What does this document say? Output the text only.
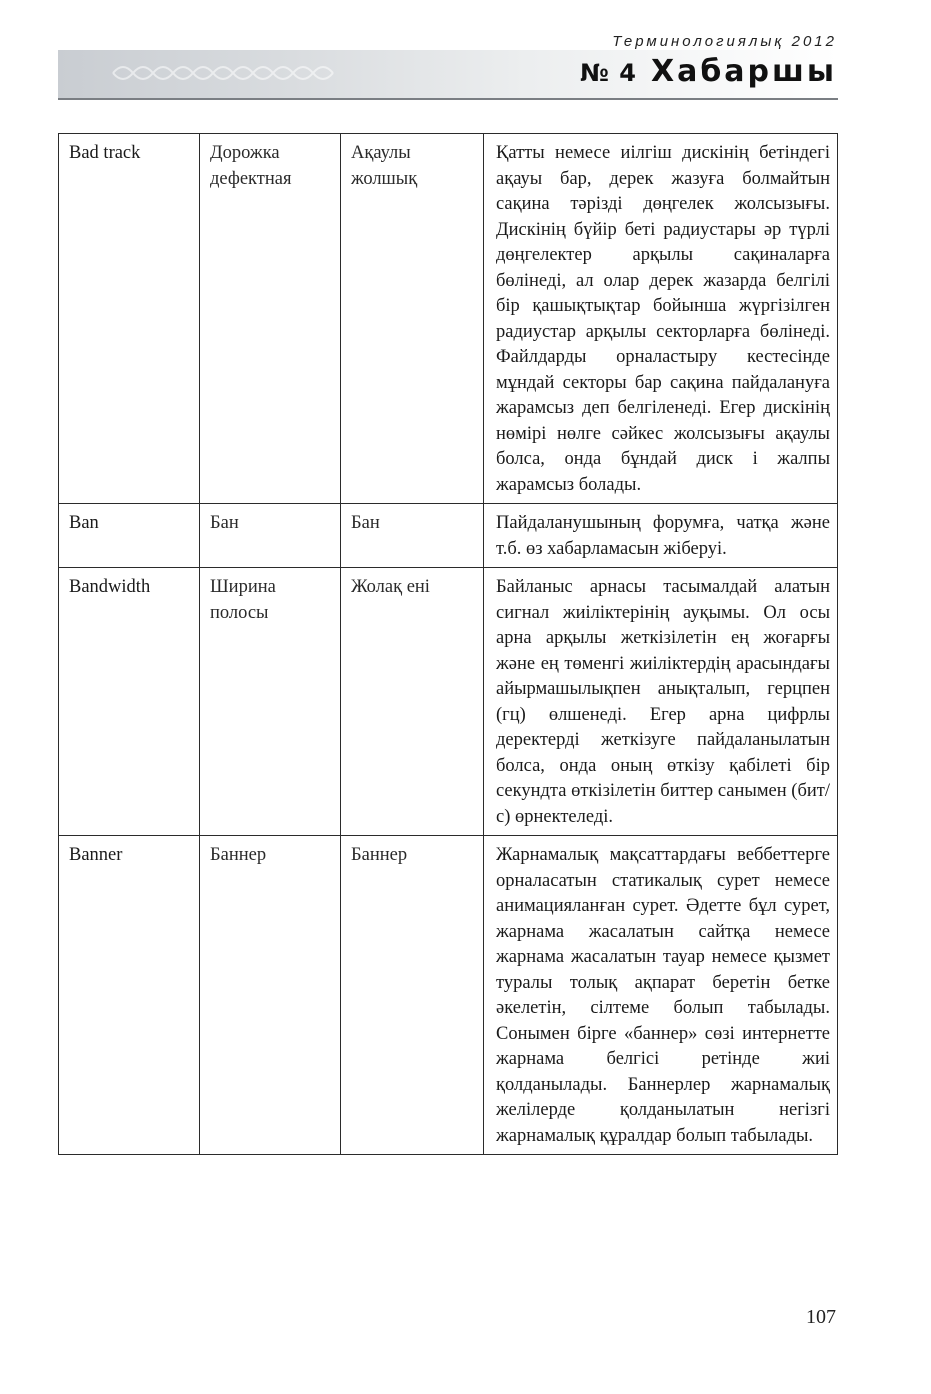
Терминологиялық 2012
№ 4 Хабаршы
Bad track	Дорожка дефектная	Ақаулы жолшық	Қатты немесе иілгіш дискінің бетіндегі ақауы бар, дерек жазуға болмайтын сақина тәрізді дөңгелек жолсызығы. Дискінің бүйір беті радиустары әр түрлі дөңгелектер арқылы сақиналарға бөлінеді, ал олар дерек жазарда белгілі бір қашықтықтар бойынша жүргізілген радиустар арқылы секторларға бөлінеді. Файлдарды орналастыру кестесінде мұндай секторы бар сақина пайдалануға жарамсыз деп белгіленеді. Егер дискінің нөмірі нөлге сәйкес жолсызығы ақаулы болса, онда бұндай диск і жалпы жарамсыз болады.
Ban	Бан	Бан	Пайдаланушының форумға, чатқа және т.б. өз хабарламасын жіберуі.
Bandwidth	Ширина полосы	Жолақ ені	Байланыс арнасы тасымалдай алатын сигнал жиіліктерінің ауқымы. Ол осы арна арқылы жеткізілетін ең жоғарғы және ең төменгі жиіліктердің арасындағы айырмашылықпен анықталып, герцпен (гц) өлшенеді. Егер арна цифрлы деректерді жеткізуге пайдаланылатын болса, онда оның өткізу қабілеті бір секундта өткізілетін биттер санымен (бит/с) өрнектеледі.
Banner	Баннер	Баннер	Жарнамалық мақсаттардағы веббеттерге орналасатын статикалық сурет немесе анимацияланған сурет. Әдетте бұл сурет, жарнама жасалатын сайтқа немесе жарнама жасалатын тауар немесе қызмет туралы толық ақпарат беретін бетке әкелетін, сілтеме болып табылады. Сонымен бірге «баннер» сөзі интернетте жарнама белгісі ретінде жиі қолданылады. Баннерлер жарнамалық желілерде қолданылатын негізгі жарнамалық құралдар болып табылады.
107
